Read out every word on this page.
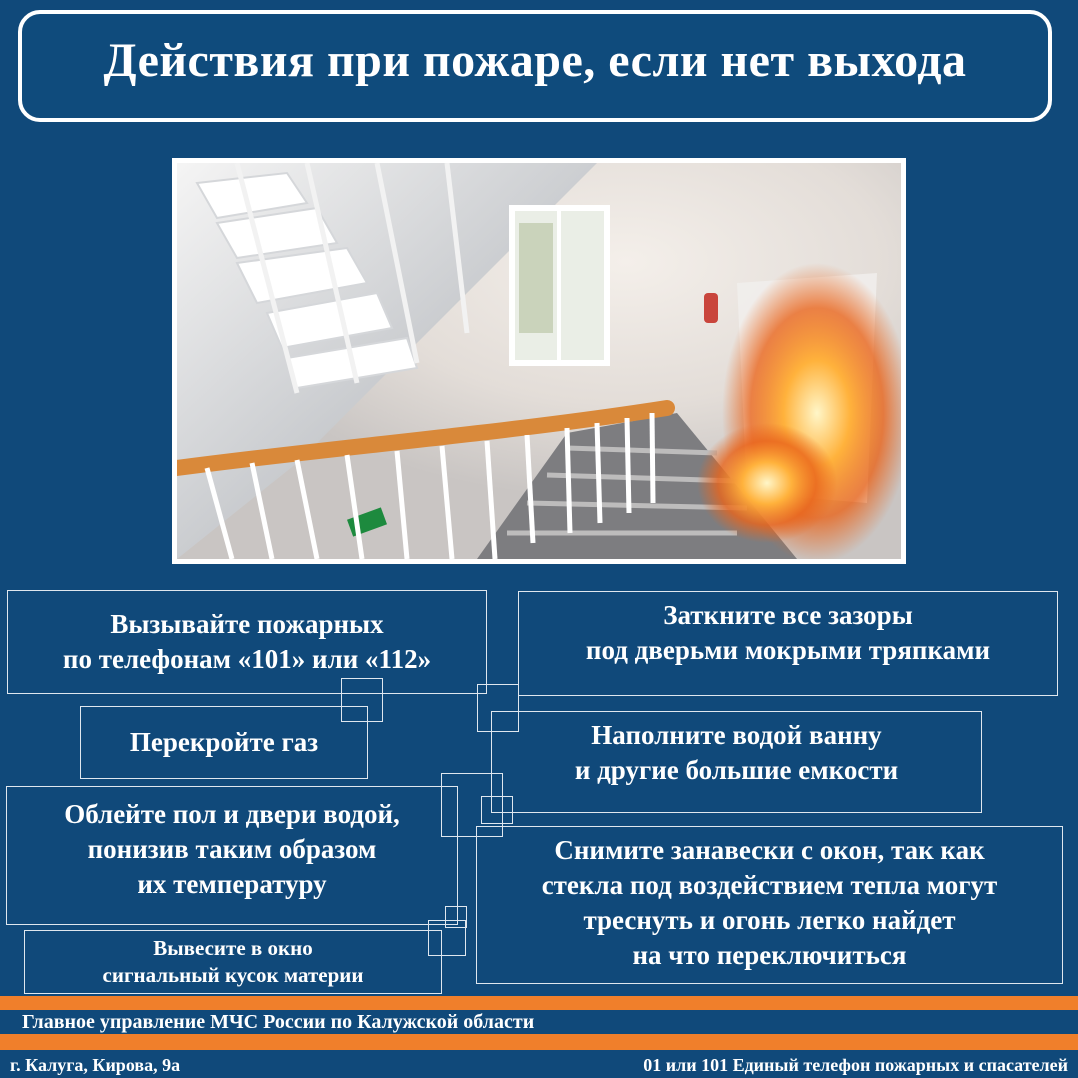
Действия при пожаре, если нет выхода
Вызывайте пожарных
по телефонам «101» или «112»
Заткните все зазоры
под дверьми мокрыми тряпками
Перекройте газ	Наполните водой ванну
и другие большие емкости
Облейте пол и двери водой,
понизив таким образом
их температуру
Снимите занавески с окон, так как
стекла под воздействием тепла могут
треснуть и огонь легко найдет
на что переключиться
Вывесите в окно
сигнальный кусок материи
Главное управление МЧС России по Калужской области
г. Калуга, Кирова, 9а	01 или 101 Единый телефон пожарных и спасателей
